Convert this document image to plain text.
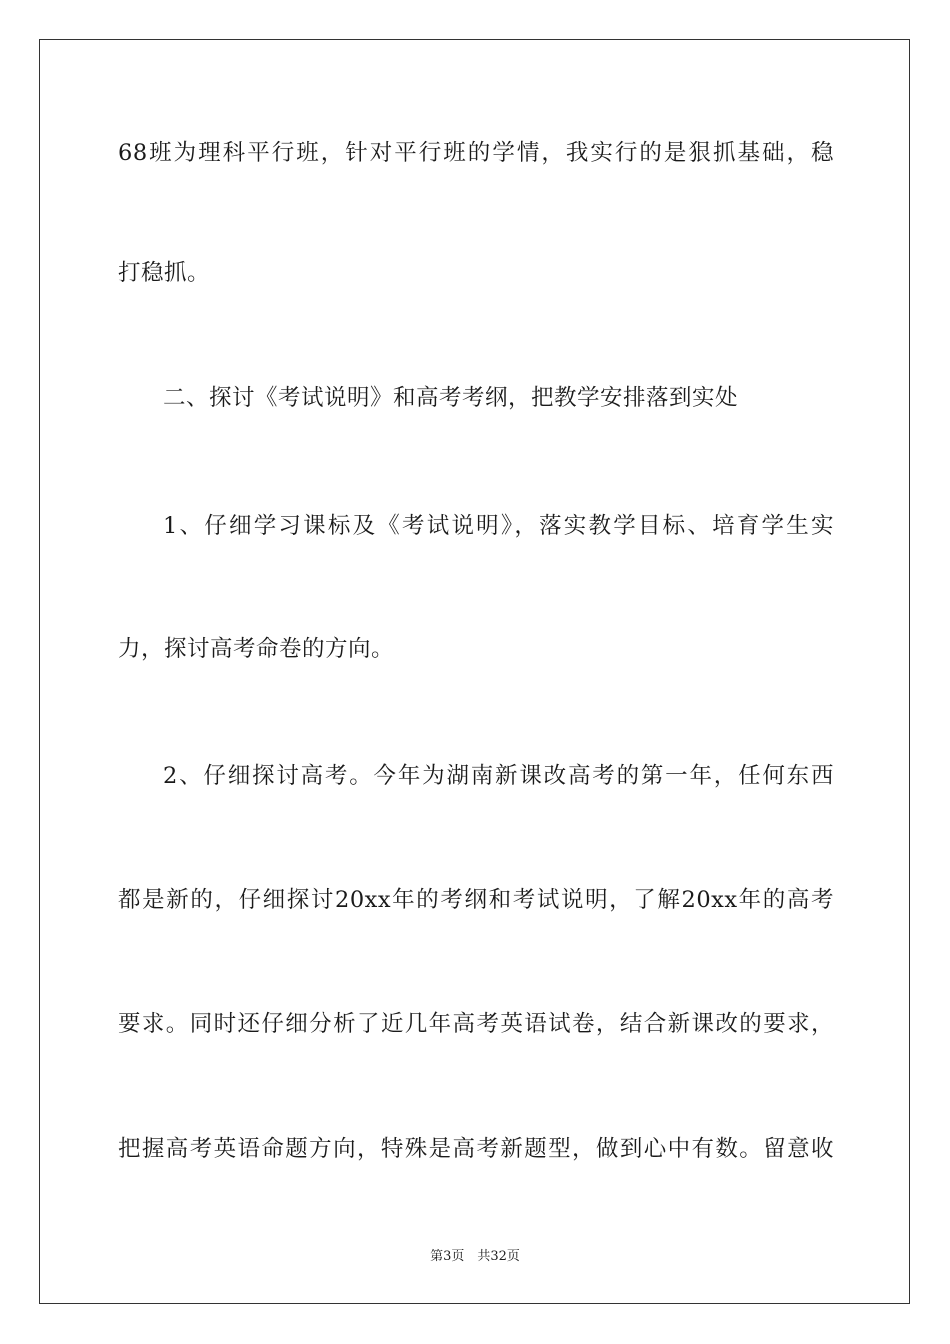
68班为理科平行班，针对平行班的学情，我实行的是狠抓基础，稳
打稳抓。
二、探讨《考试说明》和高考考纲，把教学安排落到实处
1、仔细学习课标及《考试说明》，落实教学目标、培育学生实
力，探讨高考命卷的方向。
2、仔细探讨高考。今年为湖南新课改高考的第一年，任何东西
都是新的，仔细探讨20xx年的考纲和考试说明，了解20xx年的高考
要求。同时还仔细分析了近几年高考英语试卷，结合新课改的要求，
把握高考英语命题方向，特殊是高考新题型，做到心中有数。留意收
第3页　共32页
